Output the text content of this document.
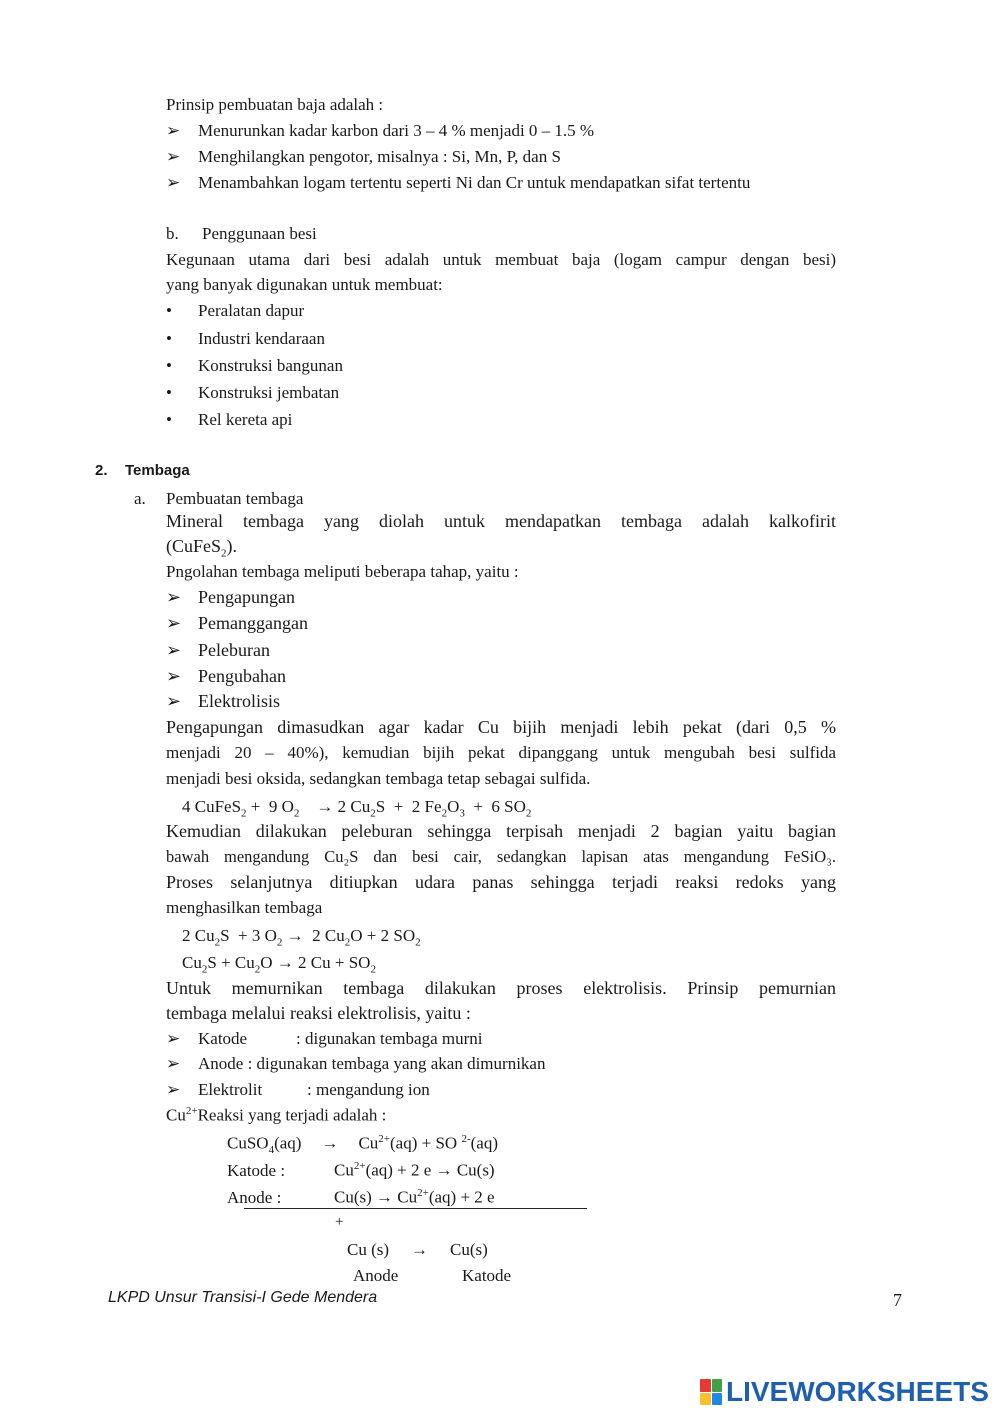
Prinsip pembuatan baja adalah :
➢ Menurunkan kadar karbon dari 3 – 4 % menjadi 0 – 1.5 %
➢ Menghilangkan pengotor, misalnya : Si, Mn, P, dan S
➢ Menambahkan logam tertentu seperti Ni dan Cr untuk mendapatkan sifat tertentu
b. Penggunaan besi
Kegunaan utama dari besi adalah untuk membuat baja (logam campur dengan besi)
yang banyak digunakan untuk membuat:
• Peralatan dapur
• Industri kendaraan
• Konstruksi bangunan
• Konstruksi jembatan
• Rel kereta api
2. Tembaga
a. Pembuatan tembaga
Mineral tembaga yang diolah untuk mendapatkan tembaga adalah kalkofirit
(CuFeS$_2$).
Pngolahan tembaga meliputi beberapa tahap, yaitu :
➢ Pengapungan
➢ Pemanggangan
➢ Peleburan
➢ Pengubahan
➢ Elektrolisis
Pengapungan dimasudkan agar kadar Cu bijih menjadi lebih pekat (dari 0,5 %
menjadi 20 – 40%), kemudian bijih pekat dipanggang untuk mengubah besi sulfida
menjadi besi oksida, sedangkan tembaga tetap sebagai sulfida.
4 CuFeS$_2$ +  9 $O_2 \to 2$ $Cu_2S + 2$ $Fe_2O_3 + 6$ $SO_2$
Kemudian dilakukan peleburan sehingga terpisah menjadi 2 bagian yaitu bagian
bawah mengandung Cu₂S dan besi cair, sedangkan lapisan atas mengandung FeSiO₃.
Proses selanjutnya ditiupkan udara panas sehingga terjadi reaksi redoks yang
menghasilkan tembaga
2 $Cu_2S + 3$ $O_2 \to 2$ $Cu_2O + 2$ $SO_2$
$Cu_2S + Cu_2O \to 2$ $Cu + SO_2$
Untuk memurnikan tembaga dilakukan proses elektrolisis. Prinsip pemurnian
tembaga melalui reaksi elektrolisis, yaitu :
➢ Katode	: digunakan tembaga murni
➢ Anode : digunakan tembaga yang akan dimurnikan
➢ Elektrolit	: mengandung ion
$Cu^{2+}Reaksi$ yang terjadi adalah :
CuSO$_4$(aq) → $Cu^{2+}(aq)$ + SO $^{2-}$(aq)
Katode :	$Cu^{2+}(aq) + 2$ e → Cu(s)
Anode :	$Cu(s) \to Cu^{2+}(aq) + 2$ e
+
Cu (s) → Cu(s)
Anode	Katode
LKPD Unsur Transisi-I Gede Mendera	7
LIVEWORKSHEETS
